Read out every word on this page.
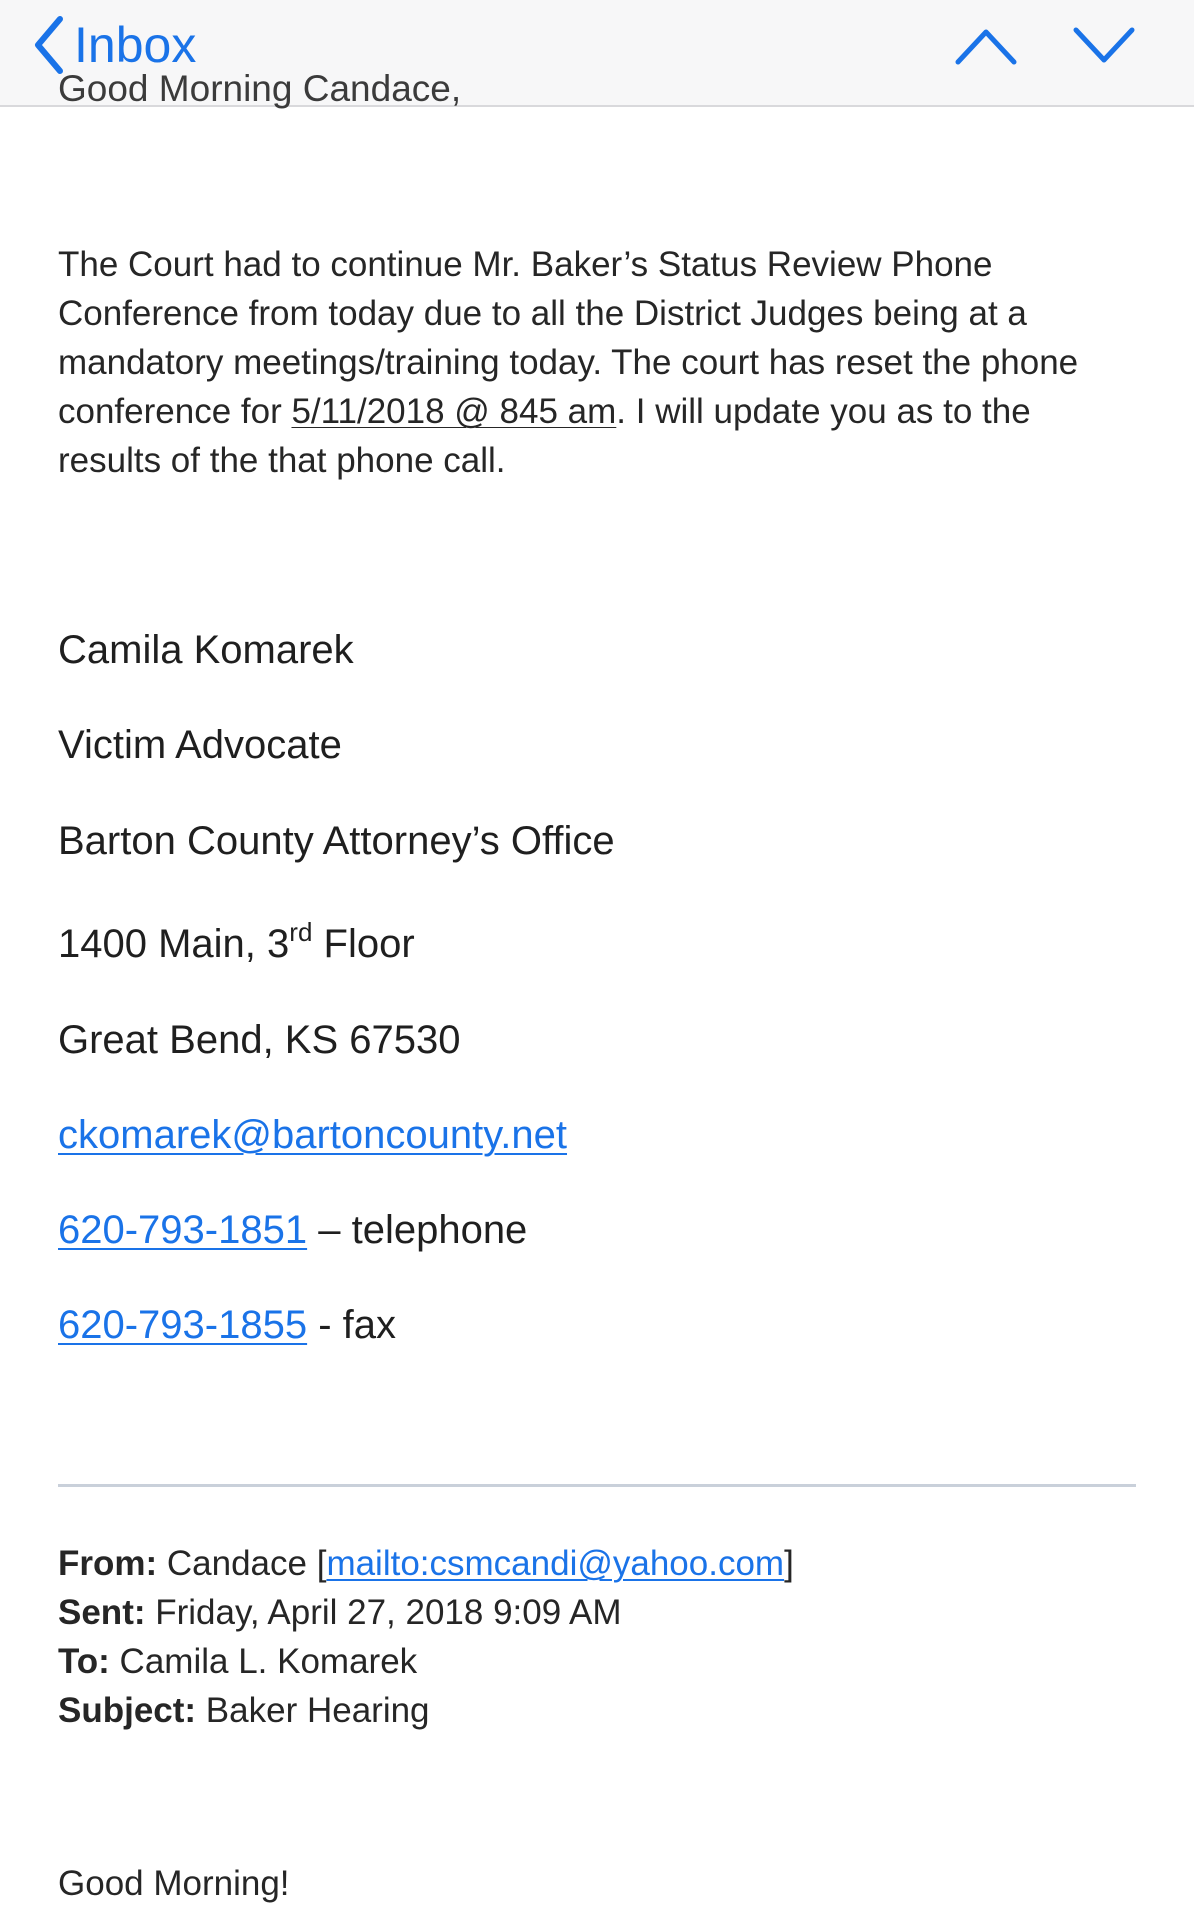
Inbox
Good Morning Candace,

The Court had to continue Mr. Baker’s Status Review Phone Conference from today due to all the District Judges being at a mandatory meetings/training today. The court has reset the phone conference for 5/11/2018 @ 845 am. I will update you as to the results of the that phone call.

Camila Komarek
Victim Advocate
Barton County Attorney’s Office
1400 Main, 3rd Floor
Great Bend, KS 67530
ckomarek@bartoncounty.net
620-793-1851 – telephone
620-793-1855 - fax
From: Candace [mailto:csmcandi@yahoo.com]
Sent: Friday, April 27, 2018 9:09 AM
To: Camila L. Komarek
Subject: Baker Hearing
Good Morning!
